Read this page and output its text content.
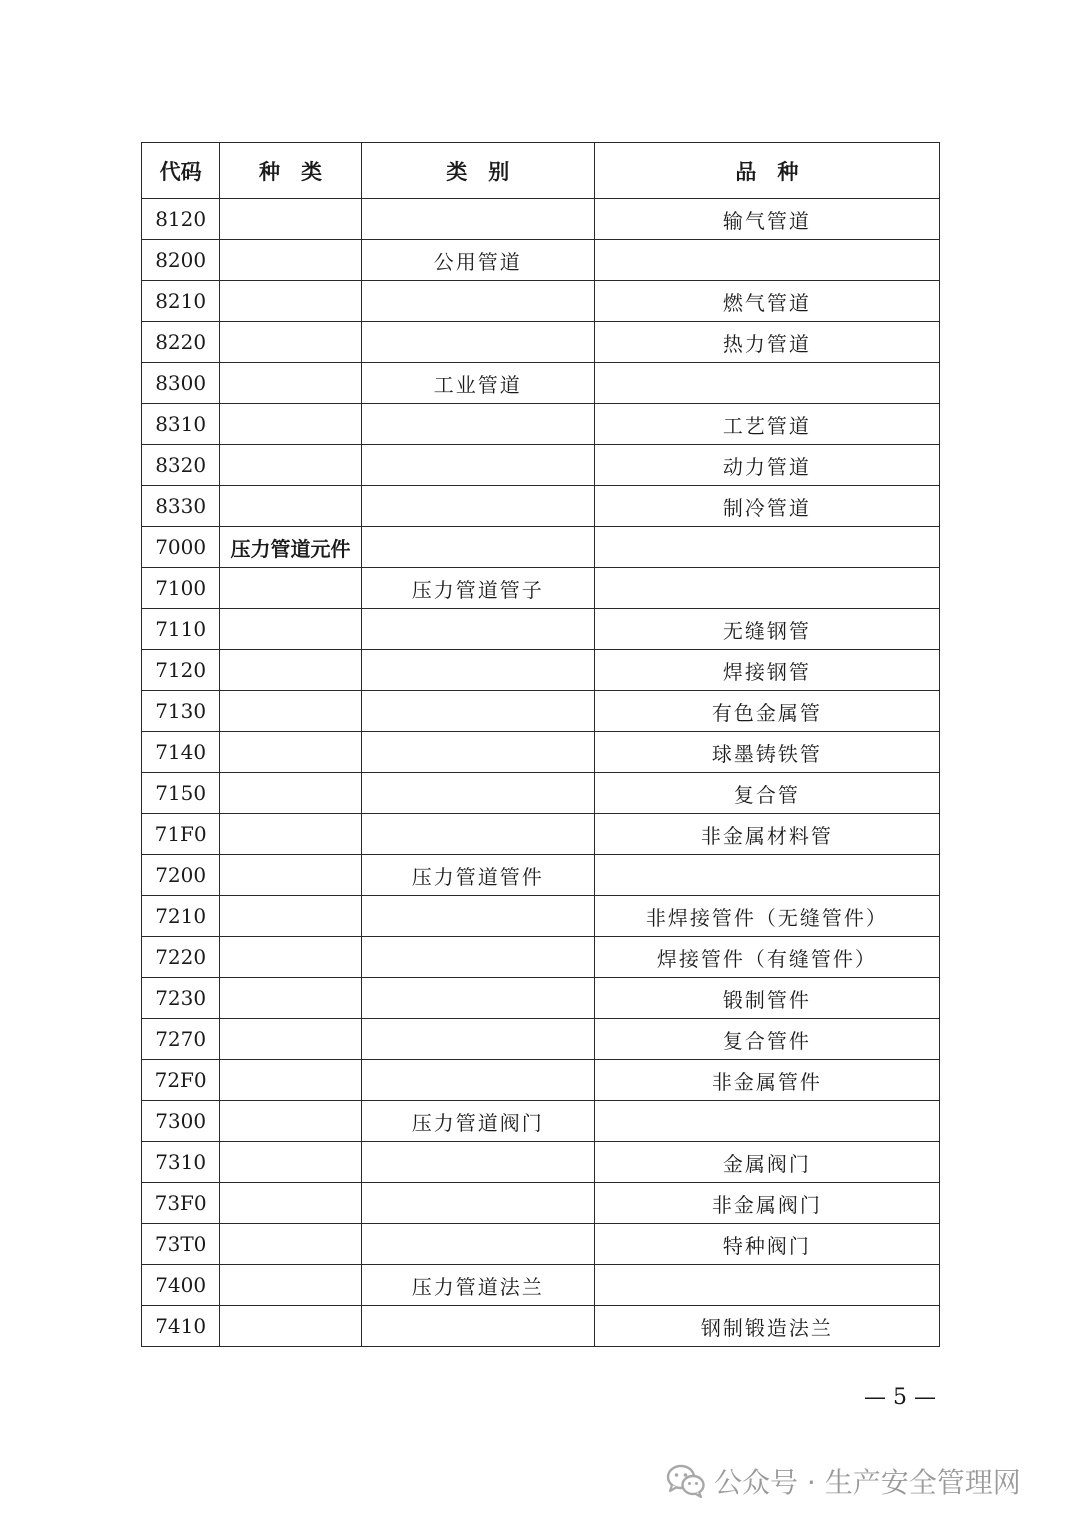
代码	种　类	类　别	品　种
8120			输气管道
8200		公用管道	
8210			燃气管道
8220			热力管道
8300		工业管道	
8310			工艺管道
8320			动力管道
8330			制冷管道
7000	压力管道元件		
7100		压力管道管子	
7110			无缝钢管
7120			焊接钢管
7130			有色金属管
7140			球墨铸铁管
7150			复合管
71F0			非金属材料管
7200		压力管道管件	
7210			非焊接管件（无缝管件）
7220			焊接管件（有缝管件）
7230			锻制管件
7270			复合管件
72F0			非金属管件
7300		压力管道阀门	
7310			金属阀门
73F0			非金属阀门
73T0			特种阀门
7400		压力管道法兰	
7410			钢制锻造法兰
— 5 —
公众号 · 生产安全管理网
